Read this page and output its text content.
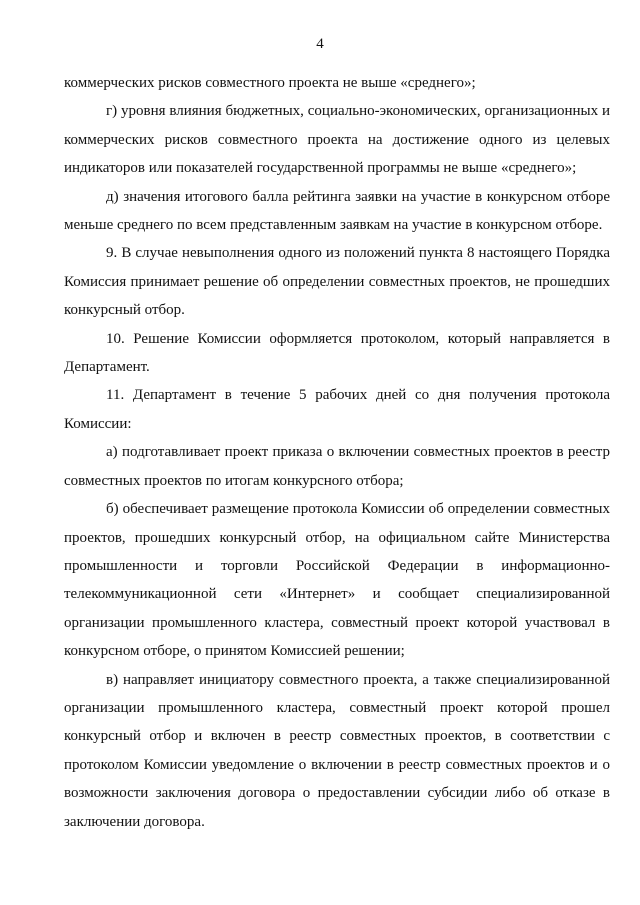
4

коммерческих рисков совместного проекта не выше «среднего»;

г) уровня влияния бюджетных, социально-экономических, организационных и коммерческих рисков совместного проекта на достижение одного из целевых индикаторов или показателей государственной программы не выше «среднего»;

д) значения итогового балла рейтинга заявки на участие в конкурсном отборе меньше среднего по всем представленным заявкам на участие в конкурсном отборе.

9. В случае невыполнения одного из положений пункта 8 настоящего Порядка Комиссия принимает решение об определении совместных проектов, не прошедших конкурсный отбор.

10. Решение Комиссии оформляется протоколом, который направляется в Департамент.

11. Департамент в течение 5 рабочих дней со дня получения протокола Комиссии:

а) подготавливает проект приказа о включении совместных проектов в реестр совместных проектов по итогам конкурсного отбора;

б) обеспечивает размещение протокола Комиссии об определении совместных проектов, прошедших конкурсный отбор, на официальном сайте Министерства промышленности и торговли Российской Федерации в информационно-телекоммуникационной сети «Интернет» и сообщает специализированной организации промышленного кластера, совместный проект которой участвовал в конкурсном отборе, о принятом Комиссией решении;

в) направляет инициатору совместного проекта, а также специализированной организации промышленного кластера, совместный проект которой прошел конкурсный отбор и включен в реестр совместных проектов, в соответствии с протоколом Комиссии уведомление о включении в реестр совместных проектов и о возможности заключения договора о предоставлении субсидии либо об отказе в заключении договора.
